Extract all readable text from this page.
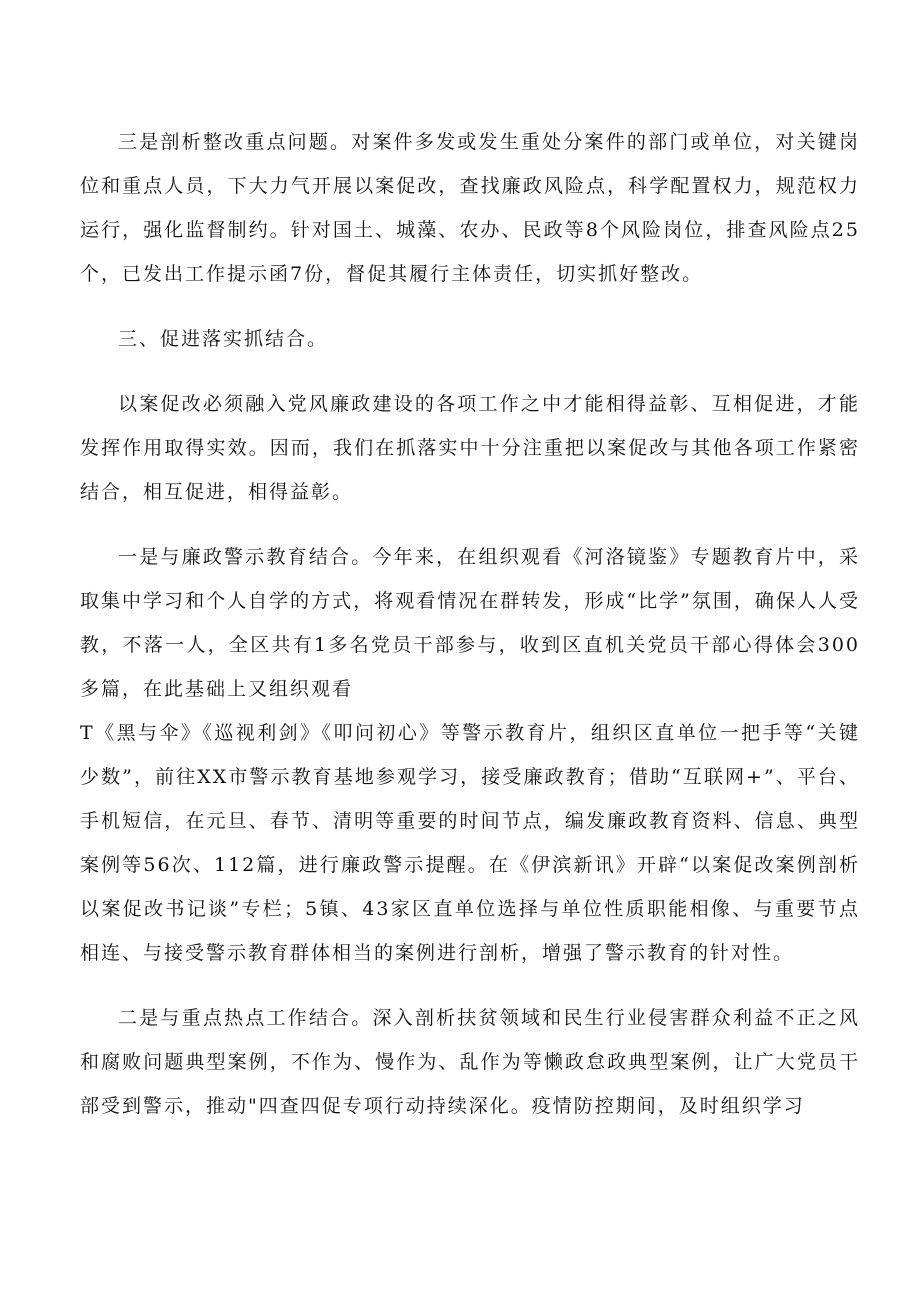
三是剖析整改重点问题。对案件多发或发生重处分案件的部门或单位，对关键岗位和重点人员，下大力气开展以案促改，查找廉政风险点，科学配置权力，规范权力运行，强化监督制约。针对国土、城藻、农办、民政等8个风险岗位，排查风险点25个，已发出工作提示函7份，督促其履行主体责任，切实抓好整改。

三、促进落实抓结合。

以案促改必须融入党风廉政建设的各项工作之中才能相得益彰、互相促进，才能发挥作用取得实效。因而，我们在抓落实中十分注重把以案促改与其他各项工作紧密结合，相互促进，相得益彰。

一是与廉政警示教育结合。今年来，在组织观看《河洛镜鉴》专题教育片中，采取集中学习和个人自学的方式，将观看情况在群转发，形成“比学”氛围，确保人人受教，不落一人，全区共有1多名党员干部参与，收到区直机关党员干部心得体会300多篇，在此基础上又组织观看

T《黑与伞》《巡视利剑》《叩问初心》等警示教育片，组织区直单位一把手等“关键少数”，前往XX市警示教育基地参观学习，接受廉政教育；借助“互联网+”、平台、手机短信，在元旦、春节、清明等重要的时间节点，编发廉政教育资料、信息、典型案例等56次、112篇，进行廉政警示提醒。在《伊滨新讯》开辟“以案促改案例剖析以案促改书记谈”专栏；5镇、43家区直单位选择与单位性质职能相像、与重要节点相连、与接受警示教育群体相当的案例进行剖析，增强了警示教育的针对性。

二是与重点热点工作结合。深入剖析扶贫领域和民生行业侵害群众利益不正之风和腐败问题典型案例，不作为、慢作为、乱作为等懒政怠政典型案例，让广大党员干部受到警示，推动"四查四促专项行动持续深化。疫情防控期间，及时组织学习
